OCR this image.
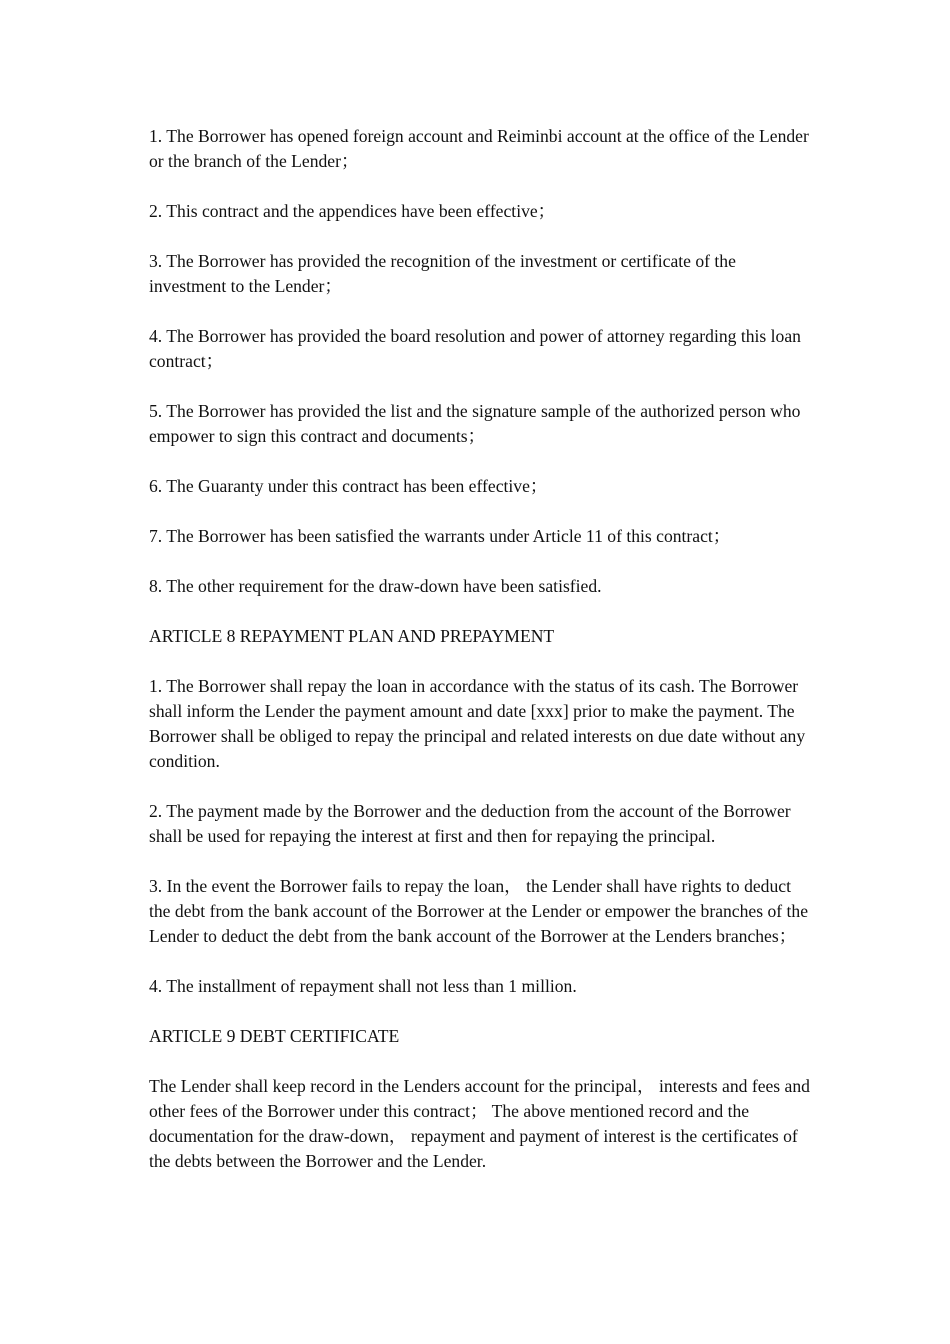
1. The Borrower has opened foreign account and Reiminbi account at the office of the Lender or the branch of the Lender；

2. This contract and the appendices have been effective；

3. The Borrower has provided the recognition of the investment or certificate of the investment to the Lender；

4. The Borrower has provided the board resolution and power of attorney regarding this loan contract；

5. The Borrower has provided the list and the signature sample of the authorized person who empower to sign this contract and documents；

6. The Guaranty under this contract has been effective；

7. The Borrower has been satisfied the warrants under Article 11 of this contract；

8. The other requirement for the draw-down have been satisfied.

ARTICLE 8 REPAYMENT PLAN AND PREPAYMENT

1. The Borrower shall repay the loan in accordance with the status of its cash. The Borrower shall inform the Lender the payment amount and date [xxx] prior to make the payment. The Borrower shall be obliged to repay the principal and related interests on due date without any condition.

2. The payment made by the Borrower and the deduction from the account of the Borrower shall be used for repaying the interest at first and then for repaying the principal.

3. In the event the Borrower fails to repay the loan， the Lender shall have rights to deduct the debt from the bank account of the Borrower at the Lender or empower the branches of the Lender to deduct the debt from the bank account of the Borrower at the Lenders branches；

4. The installment of repayment shall not less than 1 million.

ARTICLE 9 DEBT CERTIFICATE

The Lender shall keep record in the Lenders account for the principal， interests and fees and other fees of the Borrower under this contract； The above mentioned record and the documentation for the draw-down， repayment and payment of interest is the certificates of the debts between the Borrower and the Lender.
